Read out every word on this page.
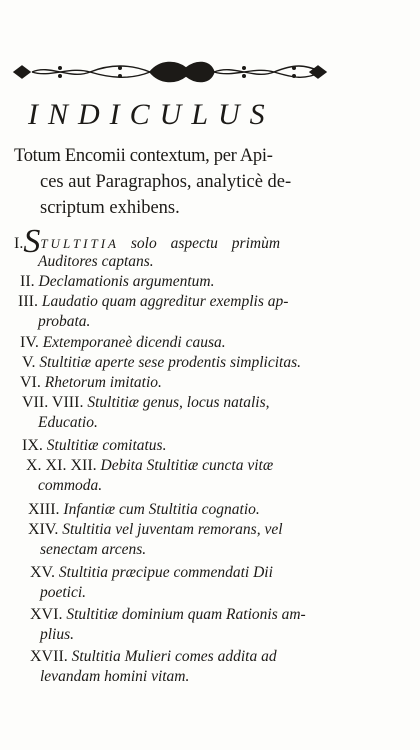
INDICULUS
Totum Encomii contextum, per Api-
ces aut Paragraphos, analyticè de-
scriptum exhibens.
I.STULTITIA solo aspectu primùm
Auditores captans.
II. Declamationis argumentum.
III. Laudatio quam aggreditur exemplis ap-
probata.
IV. Extemporaneè dicendi causa.
V. Stultitiæ aperte sese prodentis simplicitas.
VI. Rhetorum imitatio.
VII. VIII. Stultitiæ genus, locus natalis,
Educatio.
IX. Stultitiæ comitatus.
X. XI. XII. Debita Stultitiæ cuncta vitæ
commoda.
XIII. Infantiæ cum Stultitia cognatio.
XIV. Stultitia vel juventam remorans, vel
senectam arcens.
XV. Stultitia præcipue commendati Dii
poetici.
XVI. Stultitiæ dominium quam Rationis am-
plius.
XVII. Stultitia Mulieri comes addita ad
levandam homini vitam.
